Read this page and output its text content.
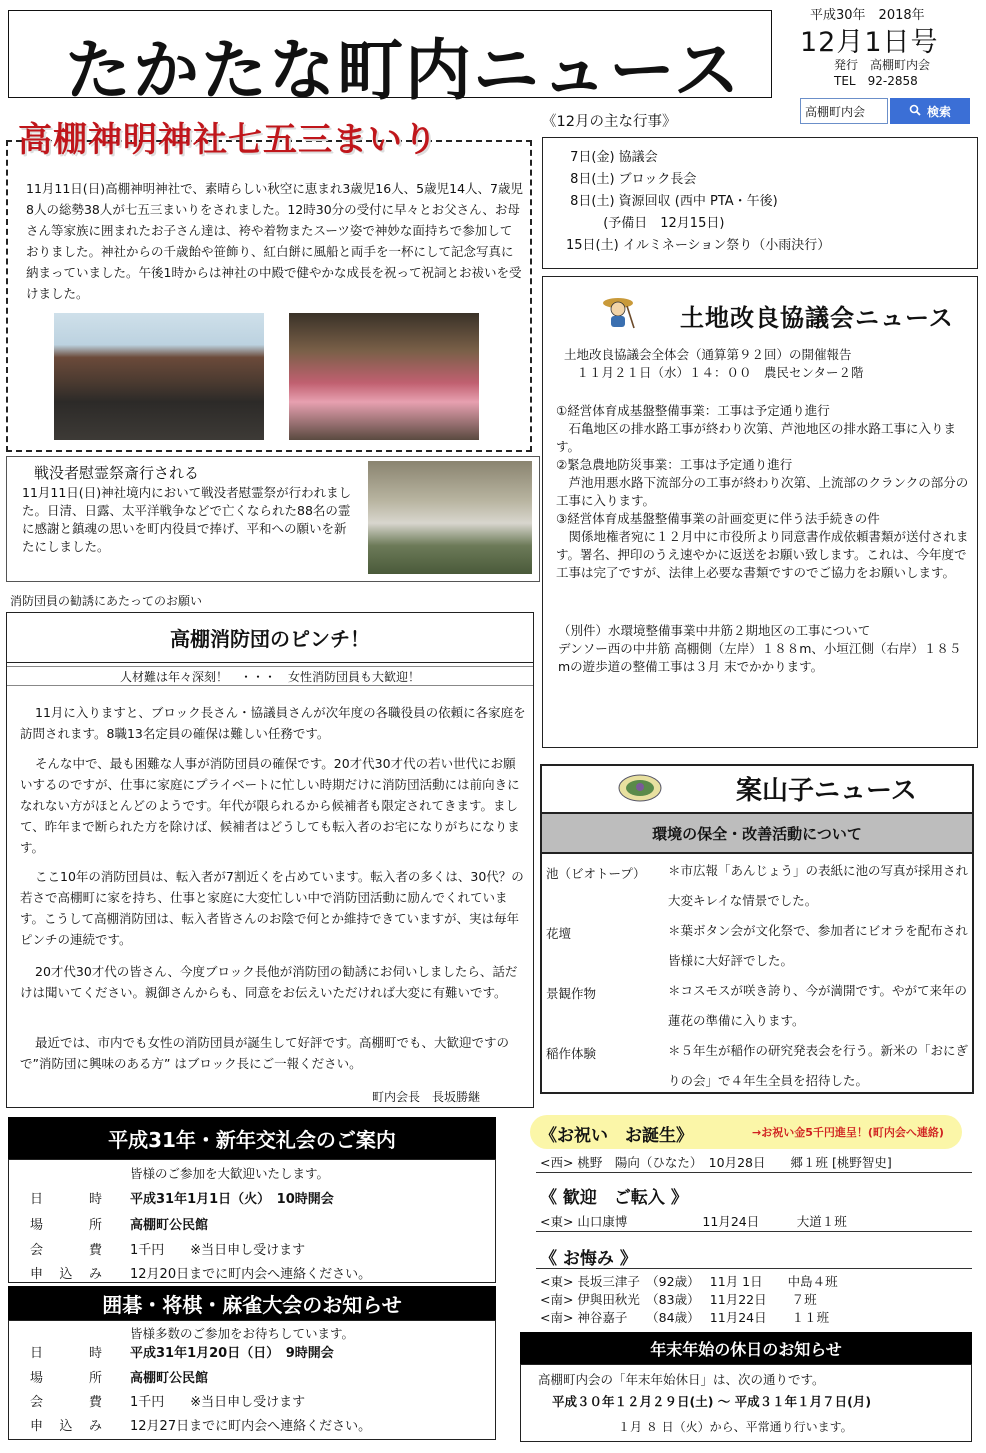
たかたな町内ニュース
平成30年　2018年
12月1日号
発行　高棚町内会
TEL　92-2858
高棚町内会	検索
高棚神明神社七五三まいり
11月11日(日)高棚神明神社で、素晴らしい秋空に恵まれ3歳児16人、5歳児14人、7歳児8人の総勢38人が七五三まいりをされました。12時30分の受付に早々とお父さん、お母さん等家族に囲まれたお子さん達は、袴や着物またスーツ姿で神妙な面持ちで参加しておりました。神社からの千歳飴や笹飾り、紅白餅に風船と両手を一杯にして記念写真に納まっていました。午後1時からは神社の中殿で健やかな成長を祝って祝詞とお祓いを受けました。
戦没者慰霊祭斎行される
11月11日(日)神社境内において戦没者慰霊祭が行われました。日清、日露、太平洋戦争などで亡くなられた88名の霊に感謝と鎮魂の思いを町内役員で捧げ、平和への願いを新たにしました。
消防団員の勧誘にあたってのお願い
高棚消防団のピンチ！
人材難は年々深刻！　・・・　女性消防団員も大歓迎！
11月に入りますと、ブロック長さん・協議員さんが次年度の各職役員の依頼に各家庭を訪問されます。8職13名定員の確保は難しい任務です。
そんな中で、最も困難な人事が消防団員の確保です。20才代30才代の若い世代にお願いするのですが、仕事に家庭にプライベートに忙しい時期だけに消防団活動には前向きになれない方がほとんどのようです。年代が限られるから候補者も限定されてきます。まして、昨年まで断られた方を除けば、候補者はどうしても転入者のお宅になりがちになります。
ここ10年の消防団員は、転入者が7割近くを占めています。転入者の多くは、30代？の若さで高棚町に家を持ち、仕事と家庭に大変忙しい中で消防団活動に励んでくれています。こうして高棚消防団は、転入者皆さんのお陰で何とか維持できていますが、実は毎年ピンチの連続です。
20才代30才代の皆さん、今度ブロック長他が消防団の勧誘にお伺いしましたら、話だけは聞いてください。親御さんからも、同意をお伝えいただければ大変に有難いです。
最近では、市内でも女性の消防団員が誕生して好評です。高棚町でも、大歓迎ですので”消防団に興味のある方” はブロック長にご一報ください。
町内会長　長坂勝継
平成31年・新年交礼会のご案内
皆様のご参加を大歓迎いたします。
日　時 平成31年1月1日（火）　10時開会
場　所 高棚町公民館
会　費 1千円　　※当日申し受けます
申込み 12月20日までに町内会へ連絡ください。
囲碁・将棋・麻雀大会のお知らせ
皆様多数のご参加をお待ちしています。
日　時 平成31年1月20日（日）　9時開会
場　所 高棚町公民館
会　費 1千円　　※当日申し受けます
申込み 12月27日までに町内会へ連絡ください。
《12月の主な行事》
7日(金) 協議会
8日(土) ブロック長会
8日(土) 資源回収 (西中 PTA・午後)
(予備日　12月15日)
15日(土) イルミネーション祭り（小雨決行）
土地改良協議会ニュース
土地改良協議会全体会（通算第９２回）の開催報告
　１１月２１日（水）１４：００　農民センター２階
①経営体育成基盤整備事業：工事は予定通り進行
　石亀地区の排水路工事が終わり次第、芦池地区の排水路工事に入ります。
②緊急農地防災事業：工事は予定通り進行
　芦池用悪水路下流部分の工事が終わり次第、上流部のクランクの部分の工事に入ります。
③経営体育成基盤整備事業の計画変更に伴う法手続きの件
　関係地権者宛に１２月中に市役所より同意書作成依頼書類が送付されます。署名、押印のうえ速やかに返送をお願い致します。これは、今年度で工事は完了ですが、法律上必要な書類ですのでご協力をお願いします。
（別件）水環境整備事業中井筋２期地区の工事について
デンソー西の中井筋 高棚側（左岸）１８８m、小垣江側（右岸）１８５mの遊歩道の整備工事は３月 末でかかります。
案山子ニュース
環境の保全・改善活動について
池（ビオトープ） ＊市広報「あんじょう」の表紙に池の写真が採用され大変キレイな情景でした。
花壇	＊葉ボタン会が文化祭で、参加者にビオラを配布され皆様に大好評でした。
景観作物	＊コスモスが咲き誇り、今が満開です。やがて来年の蓮花の準備に入ります。
稲作体験	＊５年生が稲作の研究発表会を行う。新米の「おにぎりの会」で４年生全員を招待した。
《お祝い　お誕生》	→お祝い金5千円進呈！(町内会へ連絡)
<西> 桃野　陽向（ひなた）　10月28日　　郷１班 [桃野智史]
《 歓迎　ご転入 》
<東> 山口康博　　　　　　11月24日　　　大道１班
《 お悔み 》
<東> 長坂三津子　（92歳）　 11月 1日　　中島４班
<南> 伊與田秋光　（83歳）　 11月22日　　７班
<南> 神谷嘉子　　（84歳）　 11月24日　　１１班
年末年始の休日のお知らせ
高棚町内会の「年末年始休日」は、次の通りです。
平成３０年１２月２９日(土) ～ 平成３１年１月７日(月)
１月 ８ 日（火）から、平常通り行います。
